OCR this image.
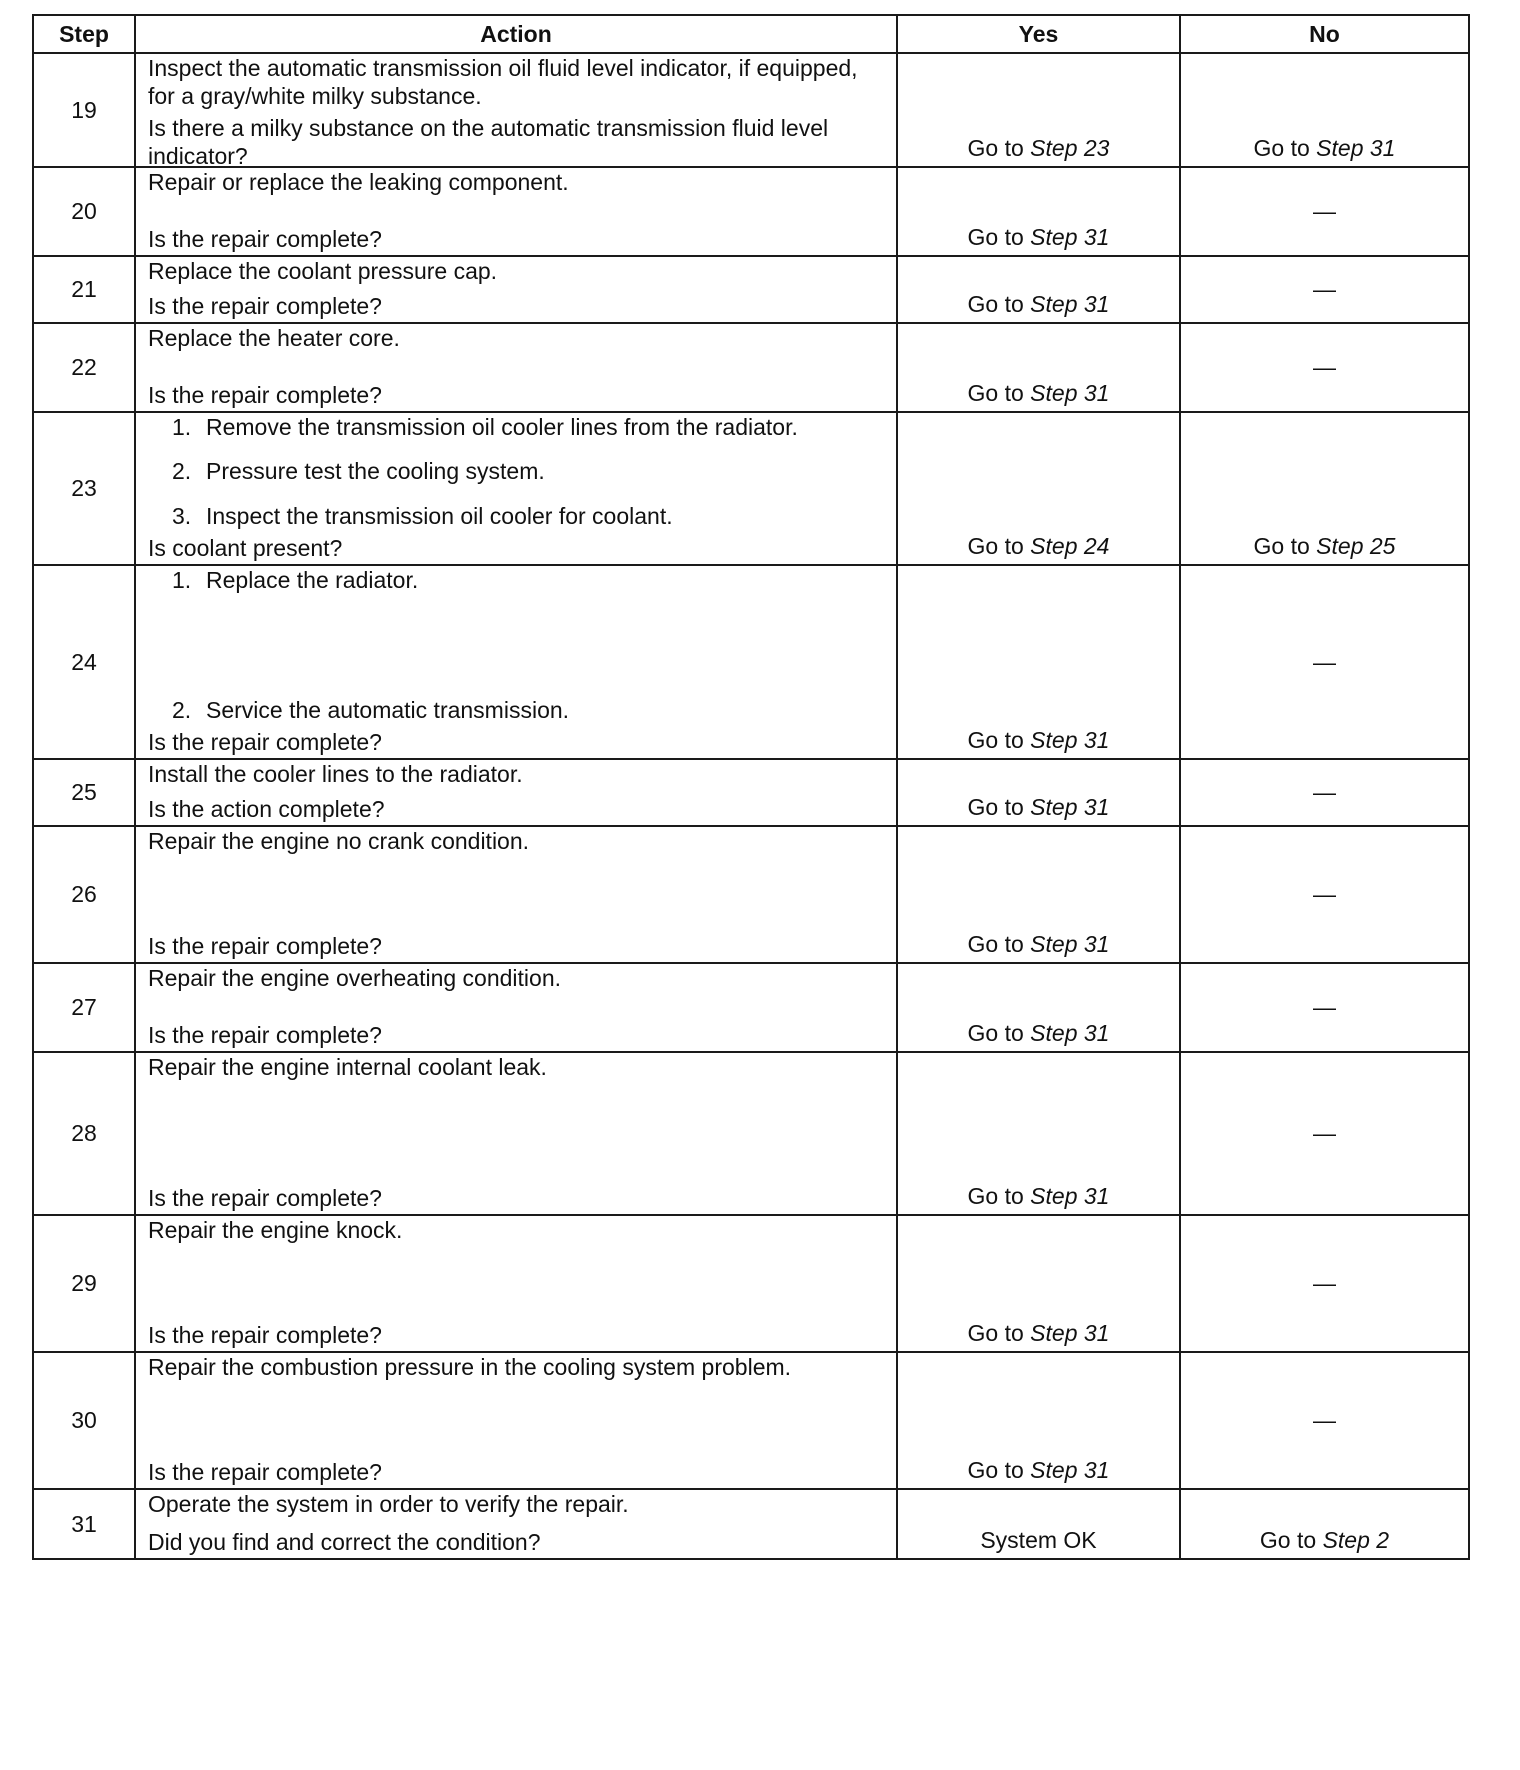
Step	Action	Yes	No
19	Inspect the automatic transmission oil fluid level indicator, if equipped, for a gray/white milky substance.
Is there a milky substance on the automatic transmission fluid level indicator?	Go to Step 23	Go to Step 31
20	Repair or replace the leaking component.
Is the repair complete?	Go to Step 31	—
21	Replace the coolant pressure cap.
Is the repair complete?	Go to Step 31	—
22	Replace the heater core.
Is the repair complete?	Go to Step 31	—
23	1. Remove the transmission oil cooler lines from the radiator.
2. Pressure test the cooling system.
3. Inspect the transmission oil cooler for coolant.
Is coolant present?	Go to Step 24	Go to Step 25
24	1. Replace the radiator.
2. Service the automatic transmission.
Is the repair complete?	Go to Step 31	—
25	Install the cooler lines to the radiator.
Is the action complete?	Go to Step 31	—
26	Repair the engine no crank condition.
Is the repair complete?	Go to Step 31	—
27	Repair the engine overheating condition.
Is the repair complete?	Go to Step 31	—
28	Repair the engine internal coolant leak.
Is the repair complete?	Go to Step 31	—
29	Repair the engine knock.
Is the repair complete?	Go to Step 31	—
30	Repair the combustion pressure in the cooling system problem.
Is the repair complete?	Go to Step 31	—
31	Operate the system in order to verify the repair.
Did you find and correct the condition?	System OK	Go to Step 2
